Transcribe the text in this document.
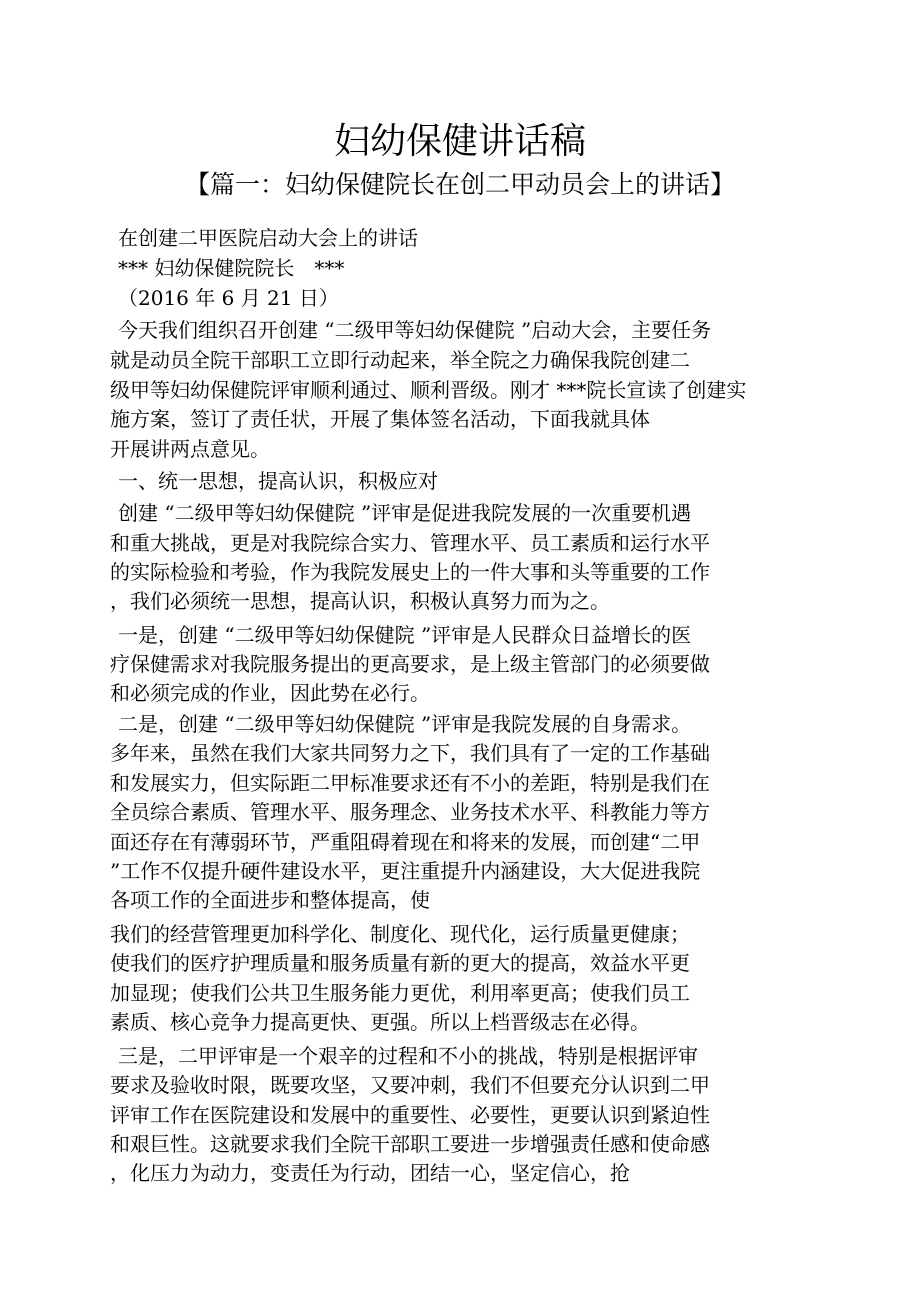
妇幼保健讲话稿
【篇一：妇幼保健院长在创二甲动员会上的讲话】
在创建二甲医院启动大会上的讲话
*** 妇幼保健院院长　***
（2016 年 6 月 21 日）
今天我们组织召开创建 “二级甲等妇幼保健院 ”启动大会，主要任务
就是动员全院干部职工立即行动起来，举全院之力确保我院创建二
级甲等妇幼保健院评审顺利通过、顺利晋级。刚才 ***院长宣读了创建实
施方案，签订了责任状，开展了集体签名活动，下面我就具体
开展讲两点意见。
一、统一思想，提高认识，积极应对
创建 “二级甲等妇幼保健院 ”评审是促进我院发展的一次重要机遇
和重大挑战，更是对我院综合实力、管理水平、员工素质和运行水平
的实际检验和考验，作为我院发展史上的一件大事和头等重要的工作
，我们必须统一思想，提高认识，积极认真努力而为之。
一是，创建 “二级甲等妇幼保健院 ”评审是人民群众日益增长的医
疗保健需求对我院服务提出的更高要求，是上级主管部门的必须要做
和必须完成的作业，因此势在必行。
二是，创建 “二级甲等妇幼保健院 ”评审是我院发展的自身需求。
多年来，虽然在我们大家共同努力之下，我们具有了一定的工作基础
和发展实力，但实际距二甲标准要求还有不小的差距，特别是我们在
全员综合素质、管理水平、服务理念、业务技术水平、科教能力等方
面还存在有薄弱环节，严重阻碍着现在和将来的发展，而创建“二甲
”工作不仅提升硬件建设水平，更注重提升内涵建设，大大促进我院
各项工作的全面进步和整体提高，使
我们的经营管理更加科学化、制度化、现代化，运行质量更健康；
使我们的医疗护理质量和服务质量有新的更大的提高，效益水平更
加显现；使我们公共卫生服务能力更优，利用率更高；使我们员工
素质、核心竞争力提高更快、更强。所以上档晋级志在必得。
三是，二甲评审是一个艰辛的过程和不小的挑战，特别是根据评审
要求及验收时限，既要攻坚，又要冲刺，我们不但要充分认识到二甲
评审工作在医院建设和发展中的重要性、必要性，更要认识到紧迫性
和艰巨性。这就要求我们全院干部职工要进一步增强责任感和使命感
，化压力为动力，变责任为行动，团结一心，坚定信心，抢
